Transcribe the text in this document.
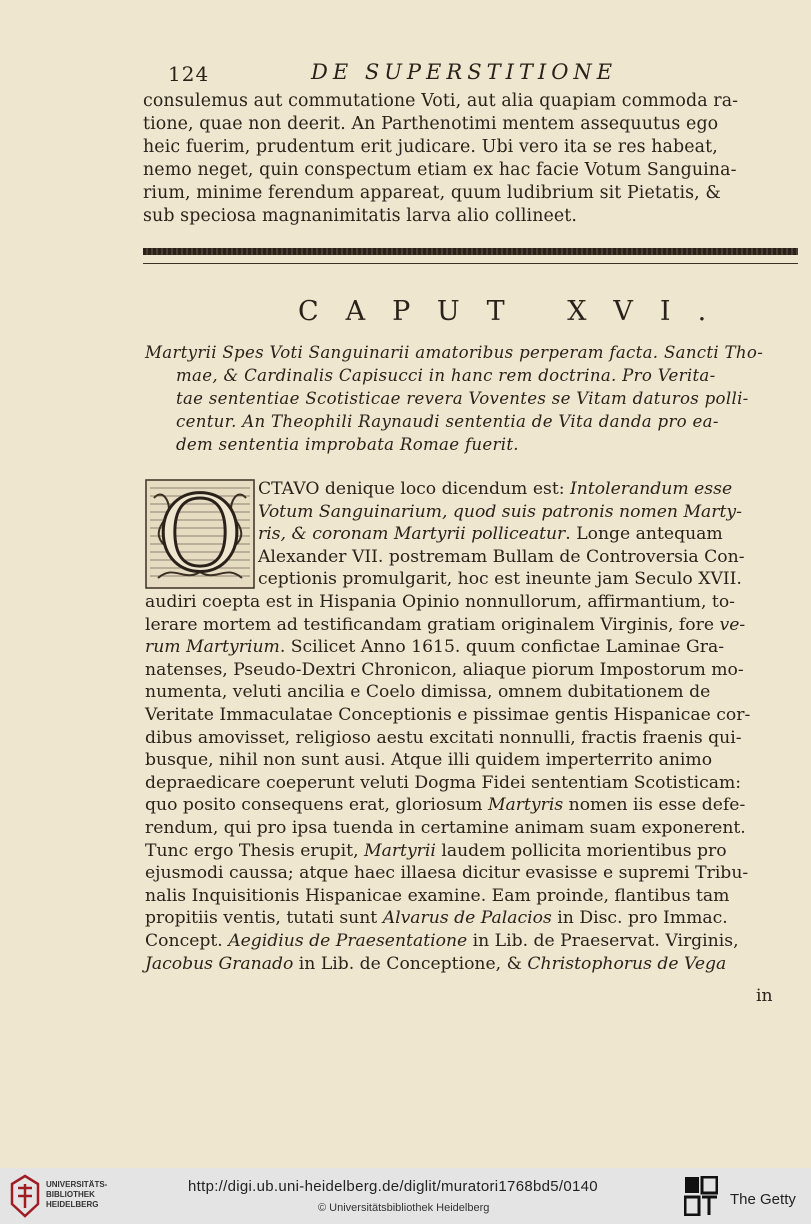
124	DE SUPERSTITIONE
consulemus aut commutatione Voti, aut alia quapiam commoda ra-
tione, quae non deerit. An Parthenotimi mentem assequutus ego
heic fuerim, prudentum erit judicare. Ubi vero ita se res habeat,
nemo neget, quin conspectum etiam ex hac facie Votum Sanguina-
rium, minime ferendum appareat, quum ludibrium sit Pietatis, &
sub speciosa magnanimitatis larva alio collineet.
CAPUT XVI.
Martyrii Spes Voti Sanguinarii amatoribus perperam facta. Sancti Tho-
mae, & Cardinalis Capisucci in hanc rem doctrina. Pro Verita-
tae sententiae Scotisticae revera Voventes se Vitam daturos polli-
centur. An Theophili Raynaudi sententia de Vita danda pro ea-
dem sententia improbata Romae fuerit.
O CTAVO denique loco dicendum est: Intolerandum esse
Votum Sanguinarium, quod suis patronis nomen Marty-
ris, & coronam Martyrii polliceatur. Longe antequam
Alexander VII. postremam Bullam de Controversia Con-
ceptionis promulgarit, hoc est ineunte jam Seculo XVII.
audiri coepta est in Hispania Opinio nonnullorum, affirmantium, to-
lerare mortem ad testificandam gratiam originalem Virginis, fore ve-
rum Martyrium. Scilicet Anno 1615. quum confictae Laminae Gra-
natenses, Pseudo-Dextri Chronicon, aliaque piorum Impostorum mo-
numenta, veluti ancilia e Coelo dimissa, omnem dubitationem de
Veritate Immaculatae Conceptionis e pissimae gentis Hispanicae cor-
dibus amovisset, religioso aestu excitati nonnulli, fractis fraenis qui-
busque, nihil non sunt ausi. Atque illi quidem imperterrito animo
depraedicare coeperunt veluti Dogma Fidei sententiam Scotisticam:
quo posito consequens erat, gloriosum Martyris nomen iis esse defe-
rendum, qui pro ipsa tuenda in certamine animam suam exponerent.
Tunc ergo Thesis erupit, Martyrii laudem pollicita morientibus pro
ejusmodi caussa; atque haec illaesa dicitur evasisse e supremi Tribu-
nalis Inquisitionis Hispanicae examine. Eam proinde, flantibus tam
propitiis ventis, tutati sunt Alvarus de Palacios in Disc. pro Immac.
Concept. Aegidius de Praesentatione in Lib. de Praeservat. Virginis,
Jacobus Granado in Lib. de Conceptione, & Christophorus de Vega
in
UNIVERSITÄTS-
BIBLIOTHEK
HEIDELBERG
http://digi.ub.uni-heidelberg.de/diglit/muratori1768bd5/0140
© Universitätsbibliothek Heidelberg	The Getty
